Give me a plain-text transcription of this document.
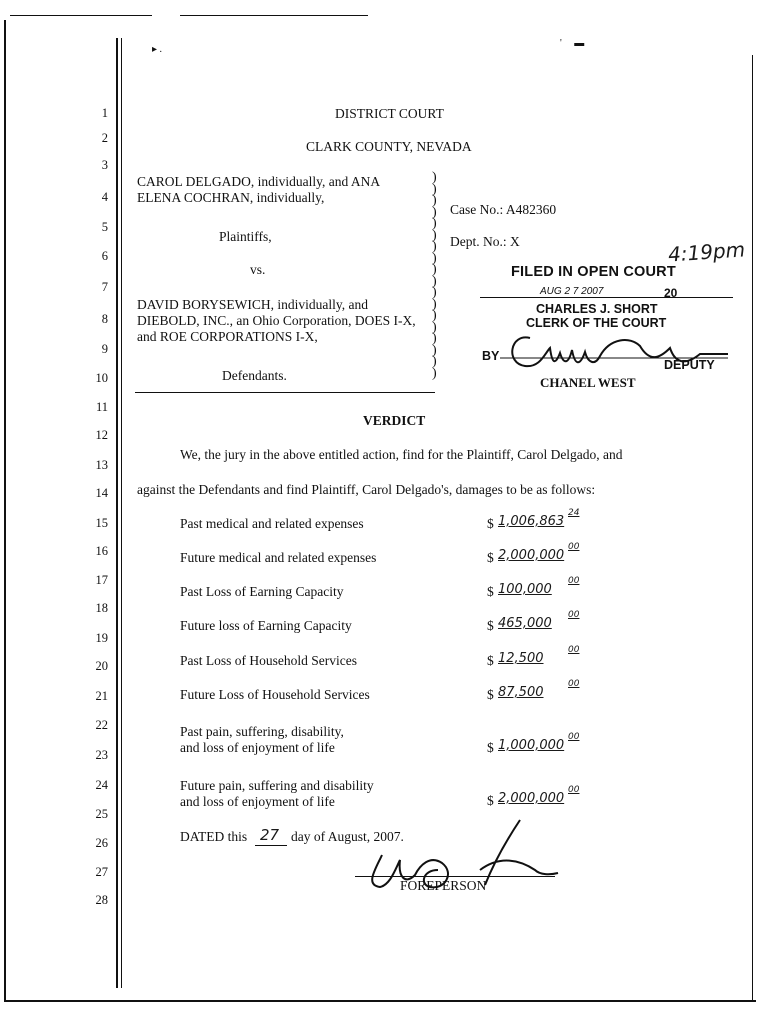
▸ .
'     ▬
1
2
3
4
5
6
7
8
9
10
11
12
13
14
15
16
17
18
19
20
21
22
23
24
25
26
27
28
DISTRICT COURT
CLARK COUNTY, NEVADA
CAROL DELGADO, individually, and ANA
ELENA COCHRAN, individually,
Plaintiffs,
vs.
DAVID BORYSEWICH, individually, and
DIEBOLD, INC., an Ohio Corporation, DOES I-X,
and ROE CORPORATIONS I-X,
Defendants.
)
)
)
)
)
)
)
)
)
)
)
)
)
)
)
)
)
)
Case No.: A482360
Dept. No.: X	4:19pm
FILED IN OPEN COURT
AUG 2 7 2007	20
CHARLES J. SHORT
CLERK OF THE COURT
BY
DEPUTY
CHANEL WEST
VERDICT
We, the jury in the above entitled action, find for the Plaintiff, Carol Delgado, and
against the Defendants and find Plaintiff, Carol Delgado's, damages to be as follows:
Past medical and related expenses	$ 1,006,863
24
Future medical and related expenses	$ 2,000,000
00
Past Loss of Earning Capacity	$ 100,000
00
Future loss of Earning Capacity	$ 465,000
00
Past Loss of Household Services	$ 12,500
00
Future Loss of Household Services	$ 87,500
00
Past pain, suffering, disability,
and loss of enjoyment of life	$ 1,000,000
00
Future pain, suffering and disability
and loss of enjoyment of life	$ 2,000,000
00
DATED this 27 day of August, 2007.
FOREPERSON
